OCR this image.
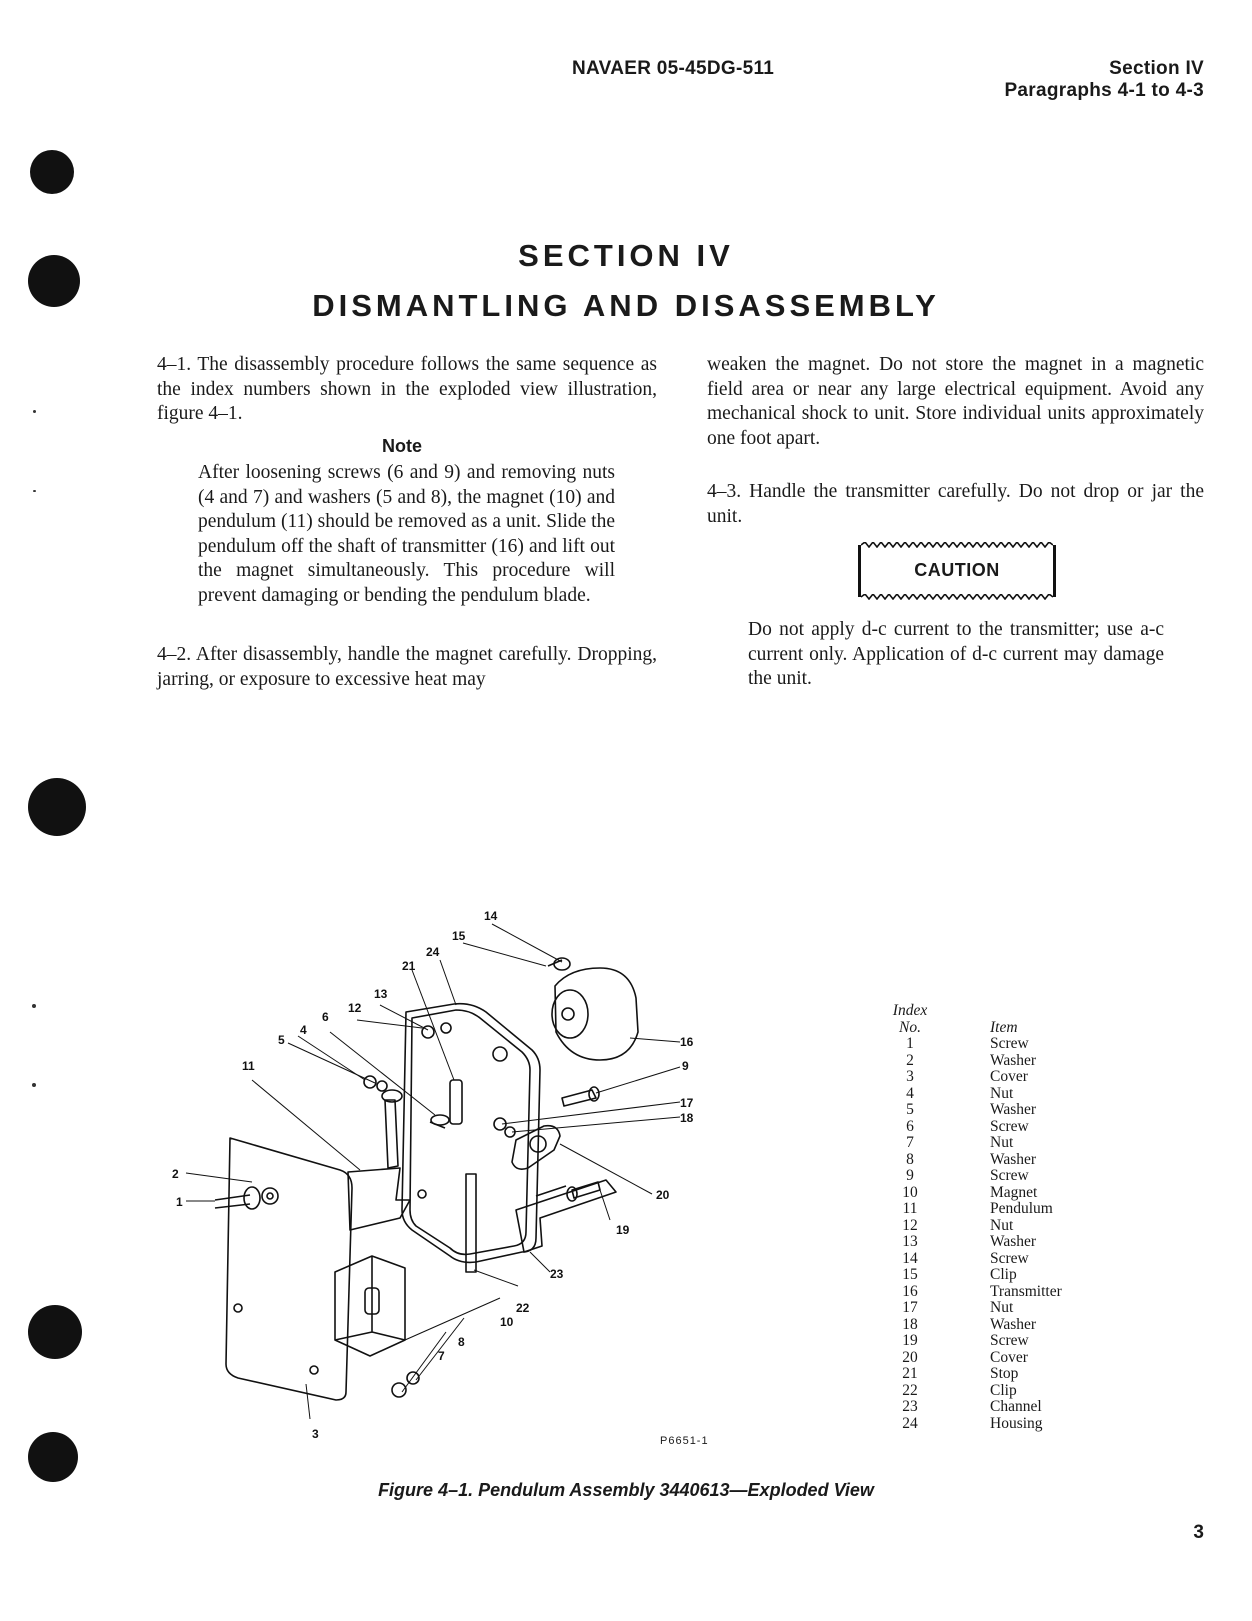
NAVAER 05-45DG-511	Section IV
Paragraphs 4-1 to 4-3
SECTION IV
DISMANTLING AND DISASSEMBLY
4–1. The disassembly procedure follows the same sequence as the index numbers shown in the exploded view illustration, figure 4–1.
Note
After loosening screws (6 and 9) and removing nuts (4 and 7) and washers (5 and 8), the magnet (10) and pendulum (11) should be removed as a unit. Slide the pendulum off the shaft of transmitter (16) and lift out the magnet simultaneously. This procedure will prevent damaging or bending the pendulum blade.
4–2. After disassembly, handle the magnet carefully. Dropping, jarring, or exposure to excessive heat may
weaken the magnet. Do not store the magnet in a magnetic field area or near any large electrical equipment. Avoid any mechanical shock to unit. Store individual units approximately one foot apart.
4–3. Handle the transmitter carefully. Do not drop or jar the unit.
CAUTION
Do not apply d-c current to the transmitter; use a-c current only. Application of d-c current may damage the unit.
1
2
3
4
5
6
7
8
9
10
11
12
13
14
15
16
17
18
19
20
21
22
23
24
P6651-1
Index	
No.	Item
1	Screw
2	Washer
3	Cover
4	Nut
5	Washer
6	Screw
7	Nut
8	Washer
9	Screw
10	Magnet
11	Pendulum
12	Nut
13	Washer
14	Screw
15	Clip
16	Transmitter
17	Nut
18	Washer
19	Screw
20	Cover
21	Stop
22	Clip
23	Channel
24	Housing
Figure 4–1. Pendulum Assembly 3440613—Exploded View
3
